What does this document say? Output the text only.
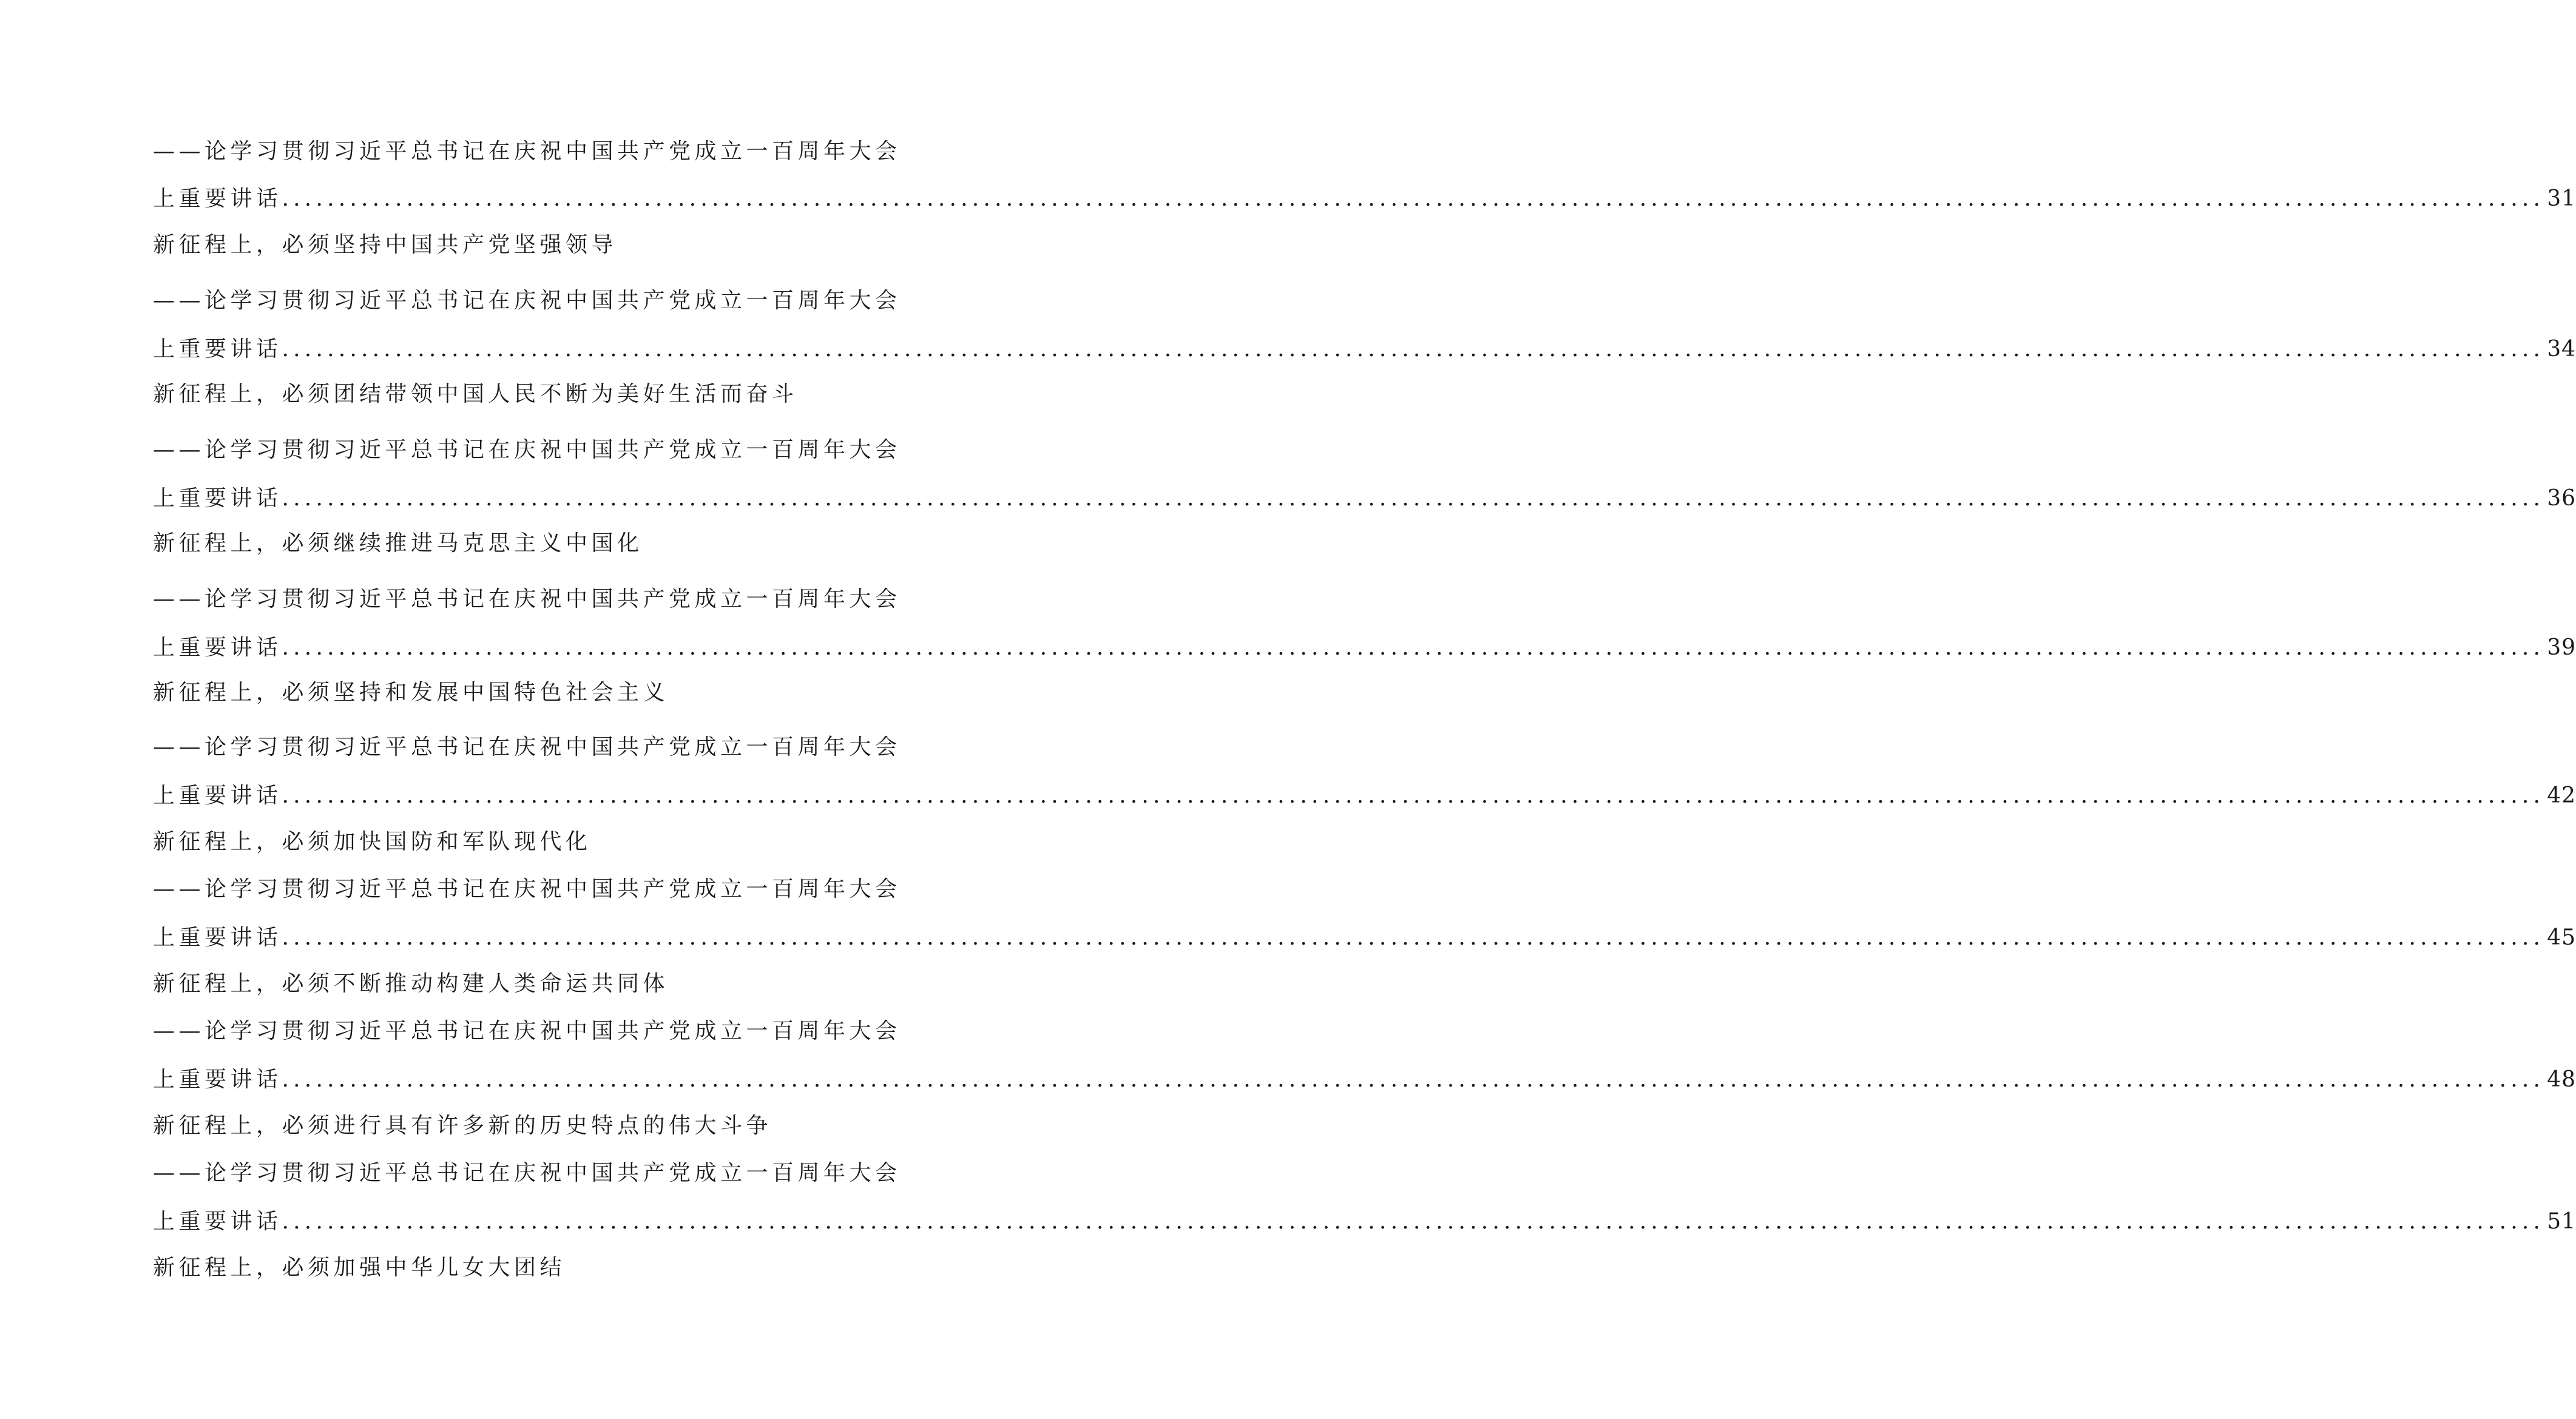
——论学习贯彻习近平总书记在庆祝中国共产党成立一百周年大会
上重要讲话 ........................................................................................................................................................................................................ 31
新征程上，必须坚持中国共产党坚强领导
——论学习贯彻习近平总书记在庆祝中国共产党成立一百周年大会
上重要讲话 ........................................................................................................................................................................................................ 34
新征程上，必须团结带领中国人民不断为美好生活而奋斗
——论学习贯彻习近平总书记在庆祝中国共产党成立一百周年大会
上重要讲话 ........................................................................................................................................................................................................ 36
新征程上，必须继续推进马克思主义中国化
——论学习贯彻习近平总书记在庆祝中国共产党成立一百周年大会
上重要讲话 ........................................................................................................................................................................................................ 39
新征程上，必须坚持和发展中国特色社会主义
——论学习贯彻习近平总书记在庆祝中国共产党成立一百周年大会
上重要讲话 ........................................................................................................................................................................................................ 42
新征程上，必须加快国防和军队现代化
——论学习贯彻习近平总书记在庆祝中国共产党成立一百周年大会
上重要讲话 ........................................................................................................................................................................................................ 45
新征程上，必须不断推动构建人类命运共同体
——论学习贯彻习近平总书记在庆祝中国共产党成立一百周年大会
上重要讲话 ........................................................................................................................................................................................................ 48
新征程上，必须进行具有许多新的历史特点的伟大斗争
——论学习贯彻习近平总书记在庆祝中国共产党成立一百周年大会
上重要讲话 ........................................................................................................................................................................................................ 51
新征程上，必须加强中华儿女大团结
